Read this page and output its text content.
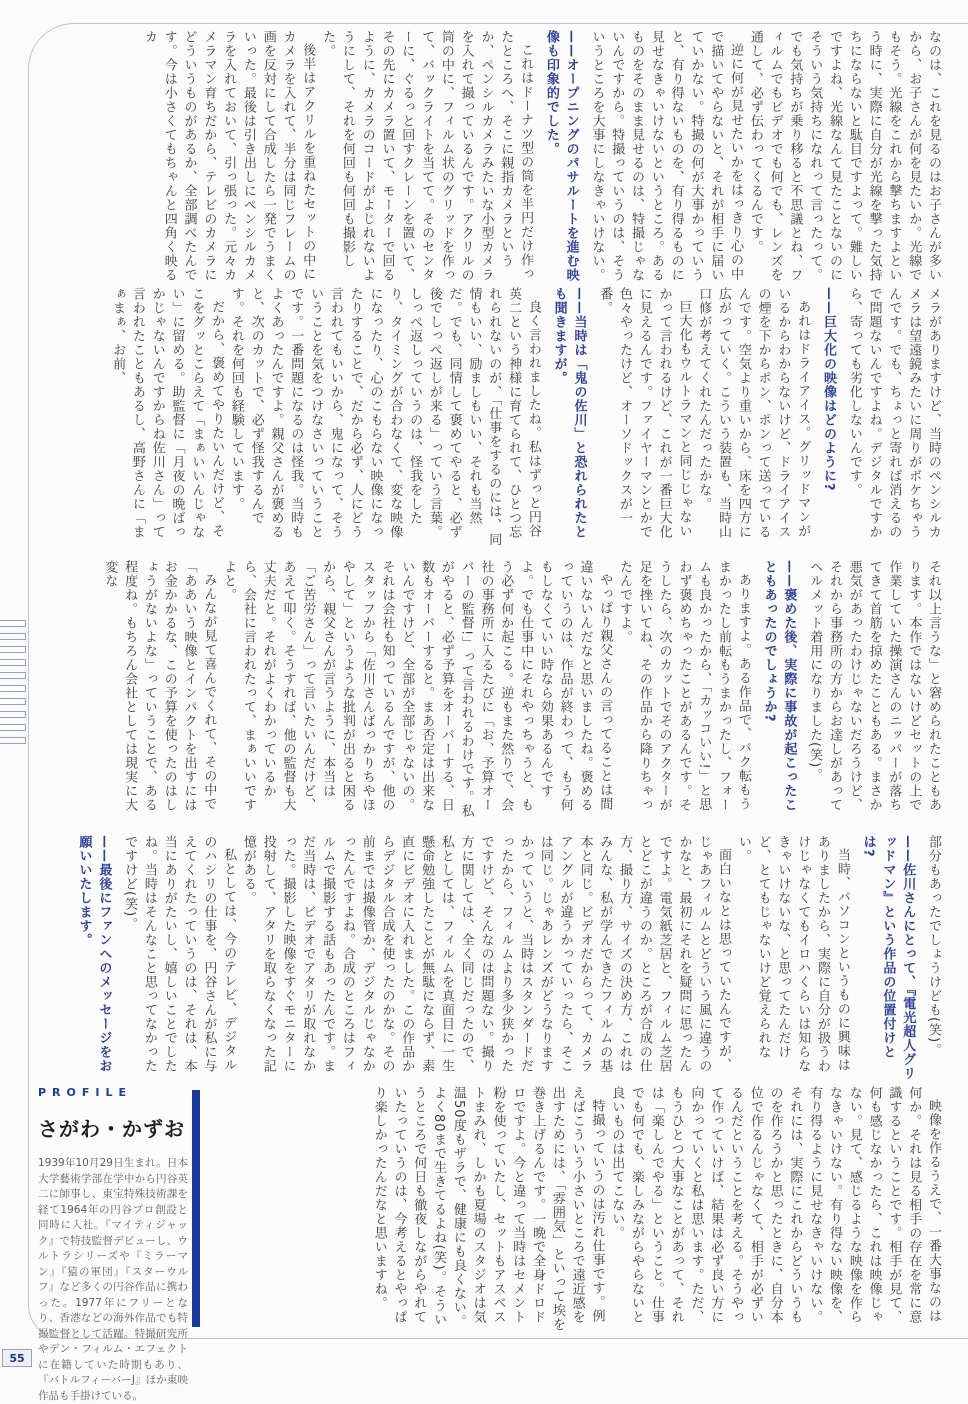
なのは、これを見るのはお子さんが多いから、お子さんが何を見たいか。光線でもそう。光線をこれから撃ちますよという時に、実際に自分が光線を撃った気持ちにならないと駄目ですよって。難しいですよね、光線なんて見たことないのにそういう気持ちになれって言ったって。でも気持ちが乗り移ると不思議とね、フィルムでもビデオでも何でも、レンズを通して、必ず伝わってくるんです。

逆に何が見せたいかをはっきり心の中で描いてやらないと、それが相手に届いていかない。特撮の何が大事かっていうと、有り得ないものを、有り得るものに見せなきゃいけないというところ。あるものをそのまま見せるのは、特撮じゃないんですから。特撮っていうのは、そういうところを大事にしなきゃいけない。

——オープニングのパサルートを進む映像も印象的でした。

これはドーナツ型の筒を半円だけ作ったところへ、そこに親指カメラというか、ペンシルカメラみたいな小型カメラを入れて撮っているんです。アクリルの筒の中に、フィルム状のグリッドを作って、バックライトを当てて。そのセンターに、ぐるっと回すクレーンを置いて、その先にカメラ置いて、モーターで回るように、カメラのコードがよじれないようにして、それを何回も何回も撮影した。

後半はアクリルを重ねたセットの中にカメラを入れて、半分は同じフレームの画を反対にして合成したら一発でうまくいった。最後は引き出しにペンシルカメラを入れておいて、引っ張った。元々カメラマン育ちだから、テレビのカメラにどういうものがあるか、全部調べたんです。今は小さくてもちゃんと四角く映るカ

メラがありますけど、当時のペンシルカメラは望遠鏡みたいに周りがボケちゃうんです。でも、ちょっと寄れば消えるので問題ないんですよね。デジタルですから、寄っても劣化しないんです。

——巨大化の映像はどのように?

あれはドライアイス。グリッドマンがいるからわからないけど、ドライアイスの煙を下からポン、ポンって送っているんです。空気より重いから、床を四方に広がっていく。こういう装置も、当時山口修が考えてくれたんだったかな。

巨大化もウルトラマンと同じじゃないかって言われるけど、これが一番巨大化に見えるんです。ファイヤーマンとかで色々やったけど、オーソドックスが一番。

——当時は「鬼の佐川」と恐れられたとも聞きますが。

良く言われましたね。私はずっと円谷英二という神様に育てられて、ひとつ忘れられないのが、「仕事をするのには、同情もいい、励ましもいい、それも当然だ。でも、同情して褒めてやると、必ず後でしっぺ返しが来る」っていう言葉。しっぺ返しっていうのは、怪我をしたり、タイミングが合わなくて、変な映像になったり、心のこもらない映像になったりすることで、だから必ず、人にどう言われてもいいから、鬼になって、そういうことを気をつけなさいっていうことです。一番問題になるのは怪我。当時もよくあったんですよ。親父さんが褒めると、次のカットで、必ず怪我するんです。それを何回も経験しています。

だから、褒めてやりたいんだけど、そこをグッとこらえて「まぁいいんじゃない」に留める。助監督に「月夜の晩ばっかじゃないんですからね佐川さん」って言われたこともあるし、高野さんに「まぁまぁ、お前、

それ以上言うな」と窘められたこともあります。本作ではないけどセットの上で作業していた操演さんのニッパーが落ちてきて首筋を掠めたこともある。まさか悪気があったわけじゃないだろうけど、それから事務所の方からお達しがあってヘルメット着用になりました(笑)。

——褒めた後、実際に事故が起こったこともあったのでしょうか?

ありますよ。ある作品で、バク転もうまかったし前転もうまかったし、フォームも良かったから、「カッコいい!」と思わず褒めちゃったことがあるんです。そうしたら、次のカットでそのアクターが足を挫いてね、その作品から降りちゃったんですよ。

やっぱり親父さんの言ってることは間違いないんだなと思いましたね。褒めるっていうのは、作品が終わって、もう何もしなくていい時なら効果あるんですよ。でも仕事中にそれやっちゃうと、もう必ず何か起こる。逆もまた然りで、会社の事務所に入るたびに「お、予算オーバーの監督!」って言われるわけです。私がやると、必ず予算をオーバーする、日数もオーバーすると。まあ否定は出来ないんですけど、全部が全部じゃないの。それは会社も知っているんですが、他のスタッフから「佐川さんばっかりちやほやして」というような批判が出ると困るから、親父さんが言うように、本当は「ご苦労さん」って言いたいんだけど、あえて叩く。そうすれば、他の監督も大丈夫だと。それがよくわかっているから、会社に言われたって、まぁいいですよと。

みんなが見て喜んでくれて、その中で「ああいう映像とインパクトを出すにはお金かかるな、この予算を使ったのはしょうがないよな」っていうことで、ある程度ね。もちろん会社としては現実に大変な

部分もあったでしょうけども(笑)。

——佐川さんにとって、『電光超人グリッドマン』という作品の位置付けとは?

当時、パソコンというものに興味はありましたから、実際に自分が扱うわけじゃなくてもイロハくらいは知らなきゃいけないな、と思ってたんだけど、とてもじゃないけど覚えられない。

面白いなとは思っていたんですが、じゃあフィルムとどういう風に違うのかなと、最初にそれを疑問に思ったんですよ。電気紙芝居と、フィルム芝居とどこが違うのか。ところが合成の仕方、撮り方、サイズの決め方、これはみんな、私が学んできたフィルムの基本と同じ。ビデオだからって、カメラアングルが違うかっていったら、そこは同じ。じゃあレンズがどうなりますかっていうと、当時はスタンダードだったから、フィルムより多少狭かったですけど、そんなのは問題ない。撮り方に関しては、全く同じだったので、私としては、フィルムを真面目に一生懸命勉強したことが無駄にならず、素直にビデオに入れました。この作品からデジタル合成を使ったのかな。その前までは撮像管か、デジタルじゃなかったんですよね。合成のところはフィルムで撮影する話もあったんです。まだ当時は、ビデオでアタリが取れなかった。撮影した映像をすぐモニターに投射して、アタリを取らなくなった記憶がある。

私としては、今のテレビ、デジタルのハシリの仕事を、円谷さんが私に与えてくれたっていうのは、それは、本当にありがたいし、嬉しいことでしたね。当時はそんなこと思ってなかったですけど(笑)。

——最後にファンへのメッセージをお願いいたします。

映像を作るうえで、一番大事なのは何か。それは見る相手の存在を常に意識するということです。相手が見て、何も感じなかったら、これは映像じゃない。見て、感じるような映像を作らなきゃいけない。有り得ない映像を、有り得るように見せなきゃいけない。それには、実際にこれからどういうものを作ろうかと思ったときに、自分本位で作るんじゃなくて、相手が必ずいるんだということを考える。そうやって作っていけば、結果は必ず良い方に向かっていくと私は思います。ただ、もうひとつ大事なことがあって、それは「楽しんでやる」ということ。仕事でも何でも、楽しみながらやらないと良いものは出てこない。

特撮っていうのは汚れ仕事です。例えばこういう小さいところで遠近感を出すためには、「雰囲気」といって埃を巻き上げるんです。一晩で全身ドロドロですよ。今と違って当時はセメント粉を使っていたし、セットもアスベストまみれ、しかも夏場のスタジオは気温50度もザラで、健康にも良くない。よく80まで生きてるよね(笑)。そういうところで何日も徹夜しながらやれていたっていうのは、今考えるとやっぱり楽しかったんだなと思いますね。

PROFILE

さがわ・かずお

1939年10月29日生まれ。日本大学藝術学部在学中から円谷英二に師事し、東宝特殊技術課を経て1964年の円谷プロ創設と同時に入社。『マイティジャック』で特技監督デビューし、ウルトラシリーズや『ミラーマン』『猿の軍団』『スターウルフ』など多くの円谷作品に携わった。1977年にフリーとなり、香港などの海外作品でも特撮監督として活躍。特撮研究所やデン・フィルム・エフェクトに在籍していた時期もあり、『バトルフィーバーJ』ほか東映作品も手掛けている。

55
